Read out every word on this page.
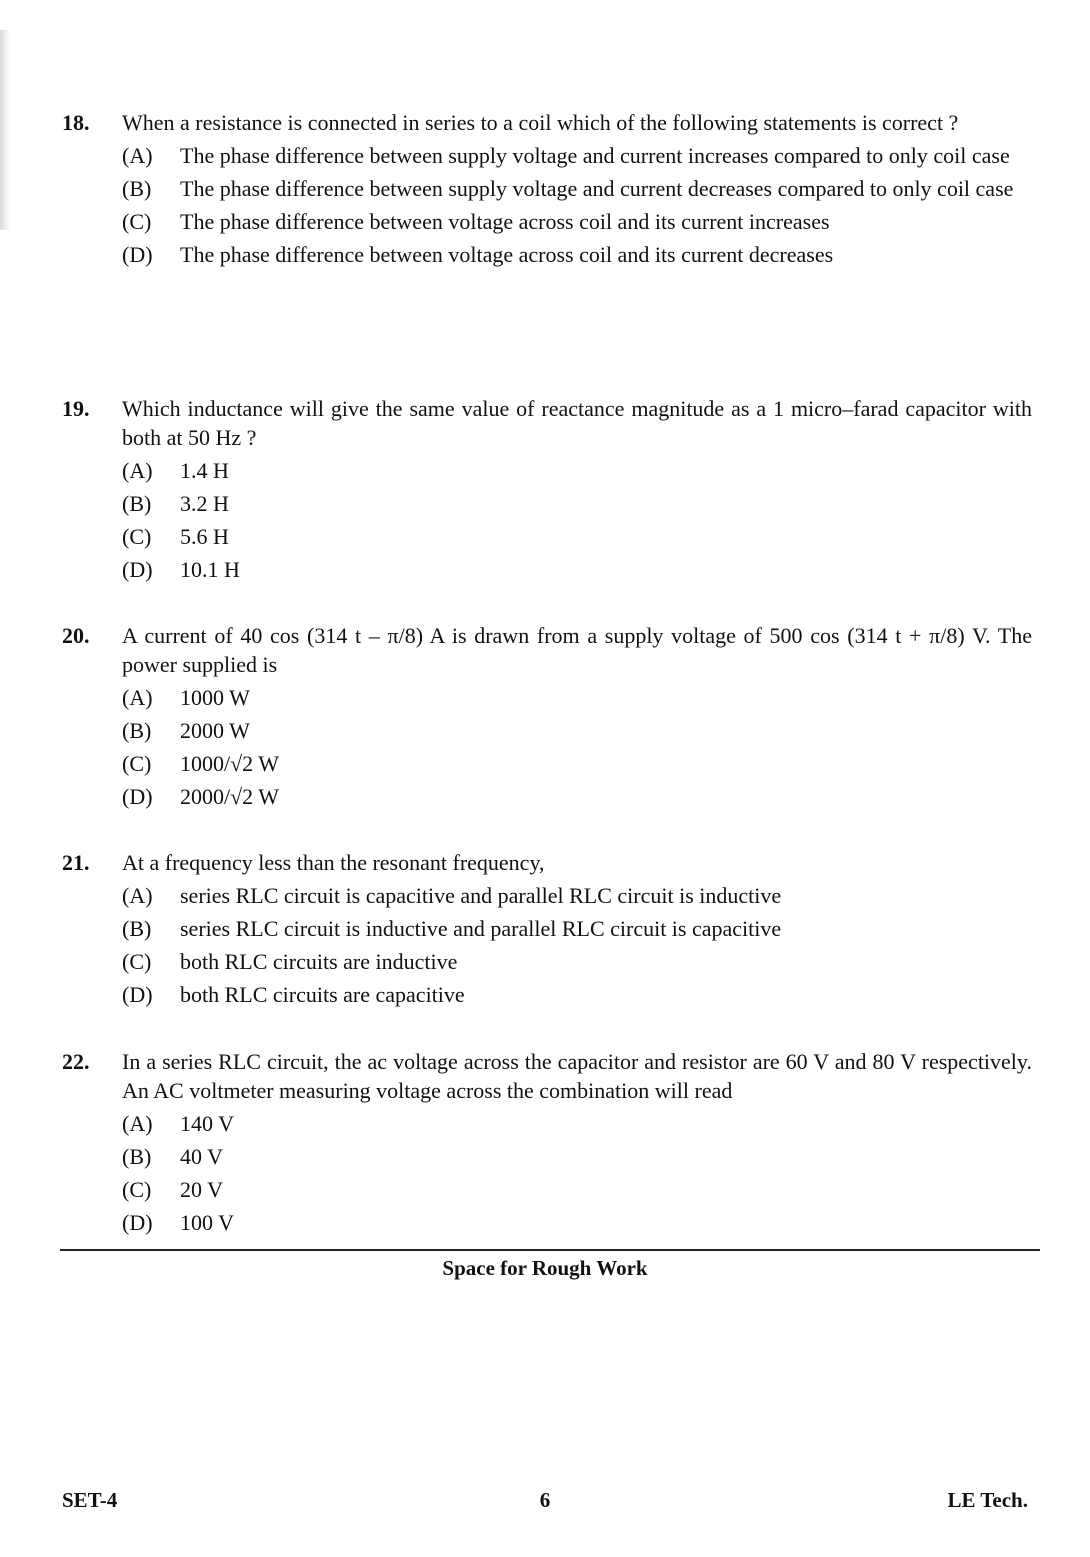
18.	When a resistance is connected in series to a coil which of the following statements is correct ?
(A)	The phase difference between supply voltage and current increases compared to only coil case
(B)	The phase difference between supply voltage and current decreases compared to only coil case
(C)	The phase difference between voltage across coil and its current increases
(D)	The phase difference between voltage across coil and its current decreases
19.	Which inductance will give the same value of reactance magnitude as a 1 micro–farad capacitor with both at 50 Hz ?
(A)	1.4 H
(B)	3.2 H
(C)	5.6 H
(D)	10.1 H
20.	A current of 40 cos (314 t – π/8) A is drawn from a supply voltage of 500 cos (314 t + π/8) V. The power supplied is
(A)	1000 W
(B)	2000 W
(C)	1000/√2 W
(D)	2000/√2 W
21.	At a frequency less than the resonant frequency,
(A)	series RLC circuit is capacitive and parallel RLC circuit is inductive
(B)	series RLC circuit is inductive and parallel RLC circuit is capacitive
(C)	both RLC circuits are inductive
(D)	both RLC circuits are capacitive
22.	In a series RLC circuit, the ac voltage across the capacitor and resistor are 60 V and 80 V respectively. An AC voltmeter measuring voltage across the combination will read
(A)	140 V
(B)	40 V
(C)	20 V
(D)	100 V
Space for Rough Work
SET-4	6	LE Tech.
